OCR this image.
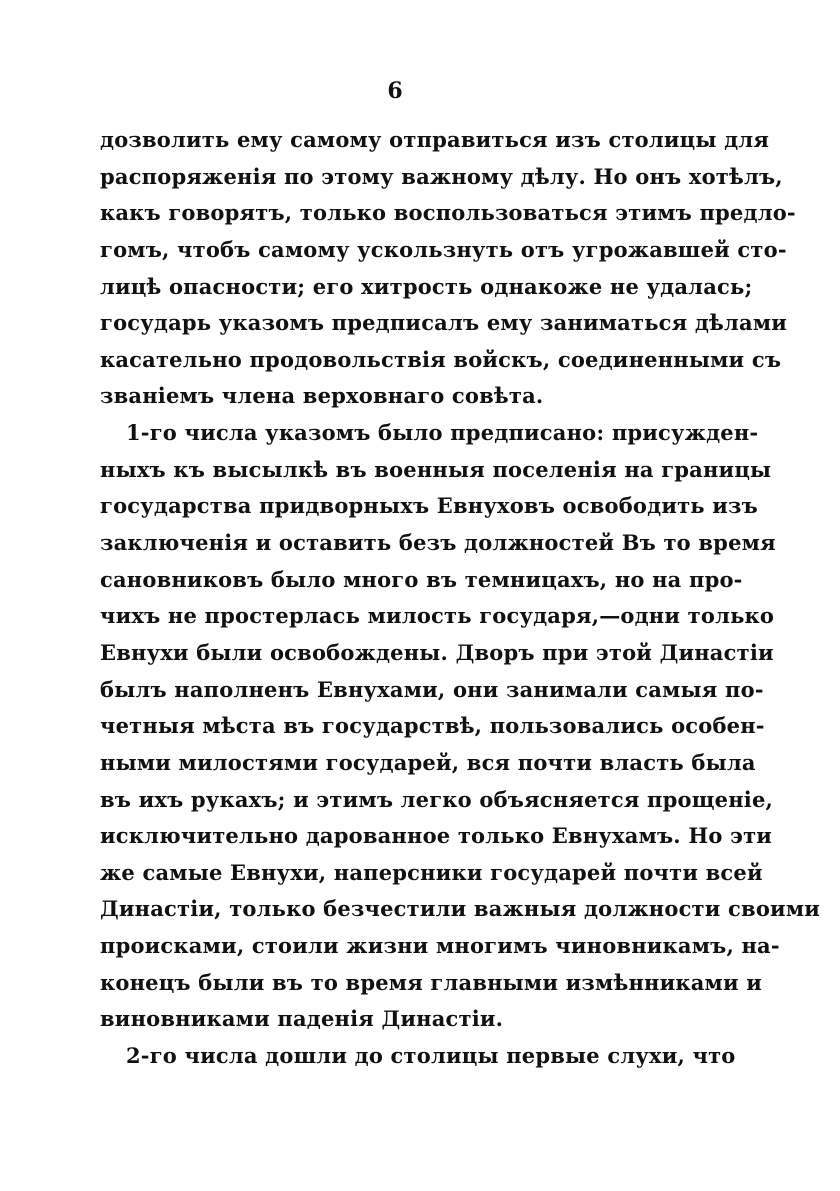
6
дозволить ему самому отправиться изъ столицы для
распоряженія по этому важному дѣлу. Но онъ хотѣлъ,
какъ говорятъ, только воспользоваться этимъ предло-
гомъ, чтобъ самому ускользнуть отъ угрожавшей сто-
лицѣ опасности; его хитрость однакоже не удалась;
государь указомъ предписалъ ему заниматься дѣлами
касательно продовольствія войскъ, соединенными съ
званіемъ члена верховнаго совѣта.
1-го числа указомъ было предписано: присужден-
ныхъ къ высылкѣ въ военныя поселенія на границы
государства придворныхъ Евнуховъ освободить изъ
заключенія и оставить безъ должностей Въ то время
сановниковъ было много въ темницахъ, но на про-
чихъ не простерлась милость государя,—одни только
Евнухи были освобождены. Дворъ при этой Династіи
былъ наполненъ Евнухами, они занимали самыя по-
четныя мѣста въ государствѣ, пользовались особен-
ными милостями государей, вся почти власть была
въ ихъ рукахъ; и этимъ легко объясняется прощеніе,
исключительно дарованное только Евнухамъ. Но эти
же самые Евнухи, наперсники государей почти всей
Династіи, только безчестили важныя должности своими
происками, стоили жизни многимъ чиновникамъ, на-
конецъ были въ то время главными измѣнниками и
виновниками паденія Династіи.
2-го числа дошли до столицы первые слухи, что
